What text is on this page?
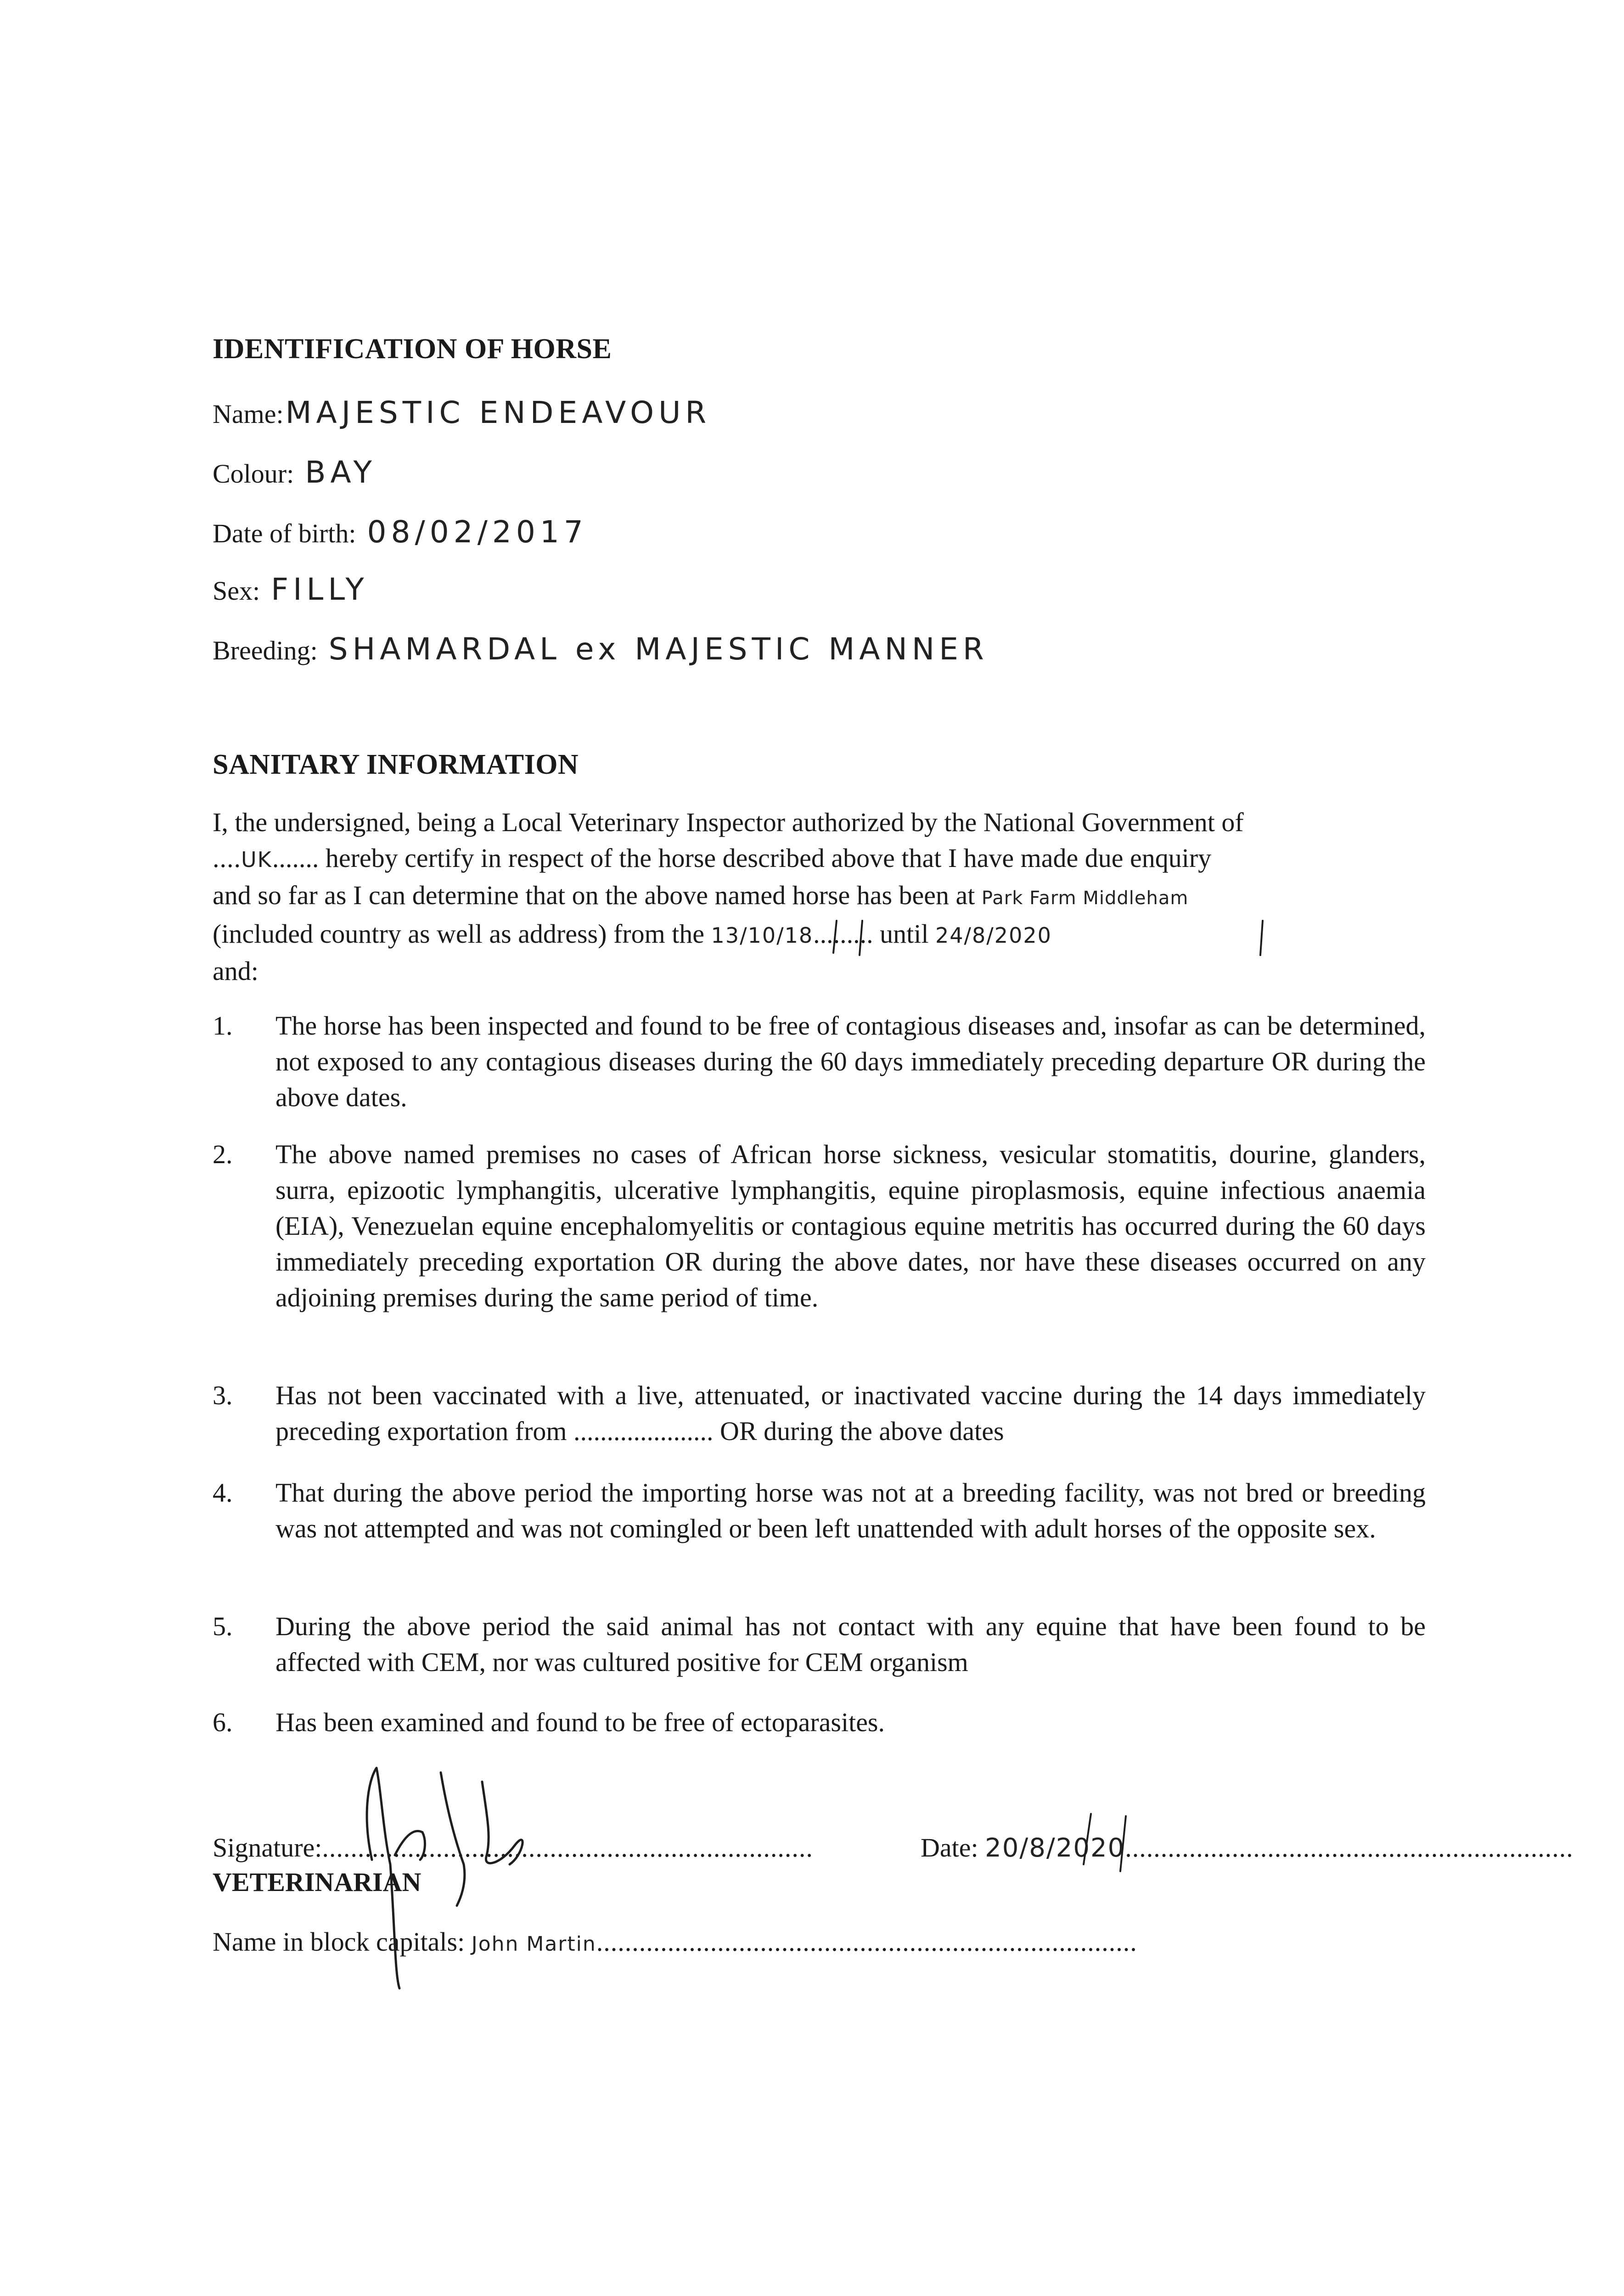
IDENTIFICATION OF HORSE
Name: MAJESTIC ENDEAVOUR
Colour: BAY
Date of birth: 08/02/2017
Sex: FILLY
Breeding: SHAMARDAL ex MAJESTIC MANNER
SANITARY INFORMATION
I, the undersigned, being a Local Veterinary Inspector authorized by the National Government of
....UK....... hereby certify in respect of the horse described above that I have made due enquiry
and so far as I can determine that on the above named horse has been at Park Farm Middleham
(included country as well as address) from the 13/10/18......... until 24/8/2020
and:
1. The horse has been inspected and found to be free of contagious diseases and, insofar as can be determined, not exposed to any contagious diseases during the 60 days immediately preceding departure OR during the above dates.
2. The above named premises no cases of African horse sickness, vesicular stomatitis, dourine, glanders, surra, epizootic lymphangitis, ulcerative lymphangitis, equine piroplasmosis, equine infectious anaemia (EIA), Venezuelan equine encephalomyelitis or contagious equine metritis has occurred during the 60 days immediately preceding exportation OR during the above dates, nor have these diseases occurred on any adjoining premises during the same period of time.
3. Has not been vaccinated with a live, attenuated, or inactivated vaccine during the 14 days immediately preceding exportation from ..................... OR during the above dates
4. That during the above period the importing horse was not at a breeding facility, was not bred or breeding was not attempted and was not comingled or been left unattended with adult horses of the opposite sex.
5. During the above period the said animal has not contact with any equine that have been found to be affected with CEM, nor was cultured positive for CEM organism
6. Has been examined and found to be free of ectoparasites.
Signature:.....................................................................	Date: 20/8/2020...............................................................
VETERINARIAN
Name in block capitals: John Martin............................................................................
